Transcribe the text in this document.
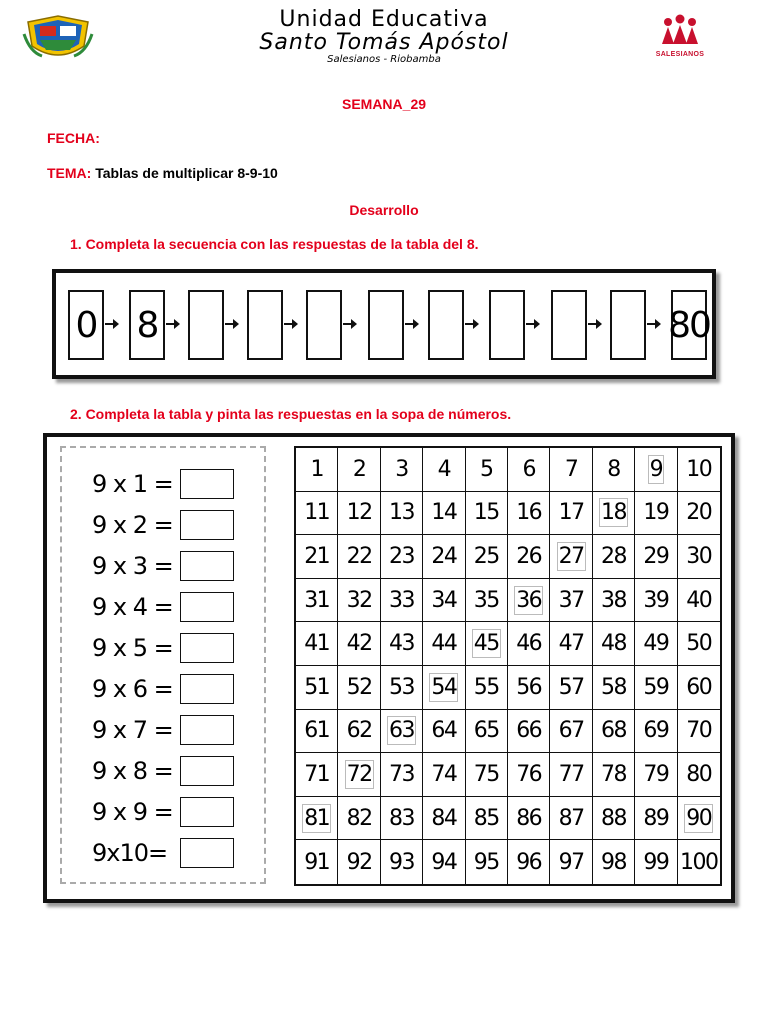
Unidad Educativa
Santo Tomás Apóstol
Salesianos - Riobamba	SALESIANOS
SEMANA_29
FECHA:
TEMA: Tablas de multiplicar 8-9-10
Desarrollo
1. Completa la secuencia con las respuestas de la tabla del 8.
0 8	80
2. Completa la tabla y pinta las respuestas en la sopa de números.
9 x 1 =
9 x 2 =
9 x 3 =
9 x 4 =
9 x 5 =
9 x 6 =
9 x 7 =
9 x 8 =
9 x 9 =
9x10=
1 2 3 4 5 6 7 8 9 10
11 12 13 14 15 16 17 18 19 20
21 22 23 24 25 26 27 28 29 30
31 32 33 34 35 36 37 38 39 40
41 42 43 44 45 46 47 48 49 50
51 52 53 54 55 56 57 58 59 60
61 62 63 64 65 66 67 68 69 70
71 72 73 74 75 76 77 78 79 80
81 82 83 84 85 86 87 88 89 90
91 92 93 94 95 96 97 98 99 100
